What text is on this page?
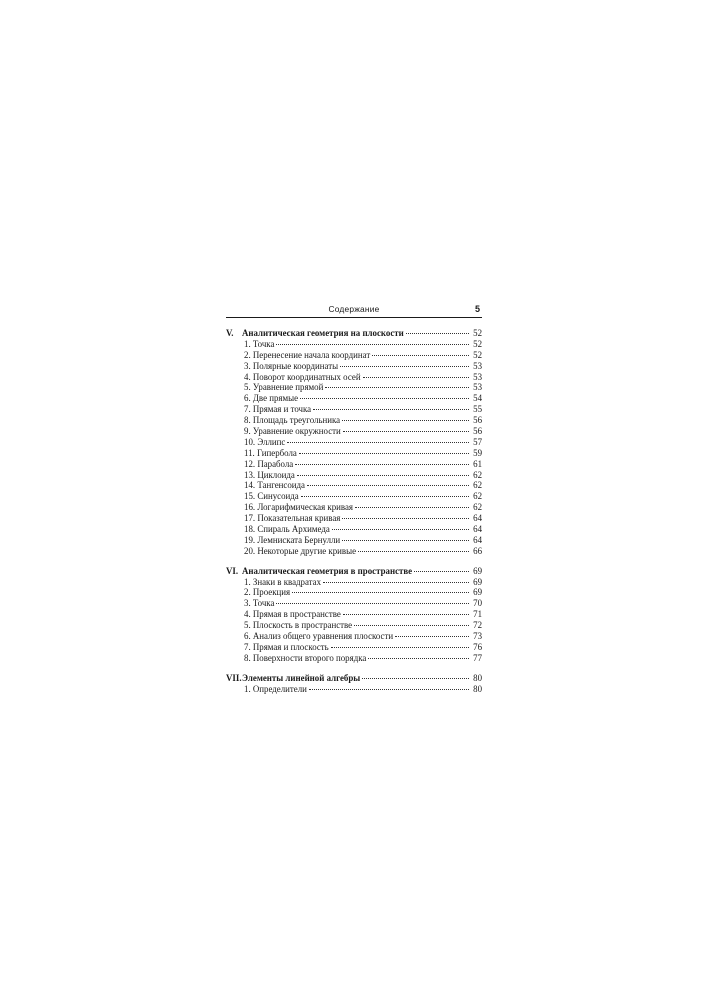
Содержание	5
V. Аналитическая геометрия на плоскости	52
1. Точка	52
2. Перенесение начала координат	52
3. Полярные координаты	53
4. Поворот координатных осей	53
5. Уравнение прямой	53
6. Две прямые	54
7. Прямая и точка	55
8. Площадь треугольника	56
9. Уравнение окружности	56
10. Эллипс	57
11. Гипербола	59
12. Парабола	61
13. Циклоида	62
14. Тангенсоида	62
15. Синусоида	62
16. Логарифмическая кривая	62
17. Показательная кривая	64
18. Спираль Архимеда	64
19. Лемниската Бернулли	64
20. Некоторые другие кривые	66
VI. Аналитическая геометрия в пространстве	69
1. Знаки в квадратах	69
2. Проекция	69
3. Точка	70
4. Прямая в пространстве	71
5. Плоскость в пространстве	72
6. Анализ общего уравнения плоскости	73
7. Прямая и плоскость	76
8. Поверхности второго порядка	77
VII.Элементы линейной алгебры	80
1. Определители	80
